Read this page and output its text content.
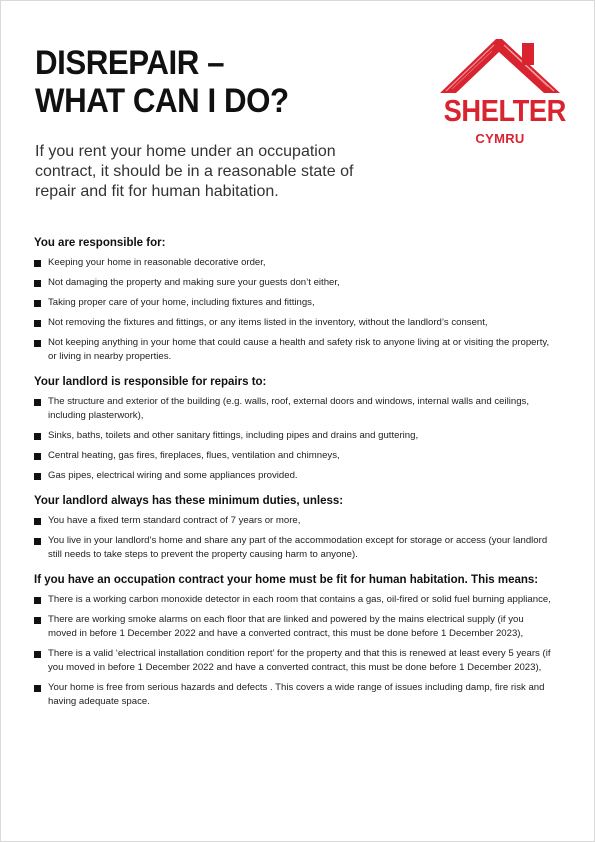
DISREPAIR –
WHAT CAN I DO?	SHELTER
CYMRU

If you rent your home under an occupation contract, it should be in a reasonable state of repair and fit for human habitation.

You are responsible for:
Keeping your home in reasonable decorative order,
Not damaging the property and making sure your guests don’t either,
Taking proper care of your home, including fixtures and fittings,
Not removing the fixtures and fittings, or any items listed in the inventory, without the landlord’s consent,
Not keeping anything in your home that could cause a health and safety risk to anyone living at or visiting the property, or living in nearby properties.
Your landlord is responsible for repairs to:
The structure and exterior of the building (e.g. walls, roof, external doors and windows, internal walls and ceilings, including plasterwork),
Sinks, baths, toilets and other sanitary fittings, including pipes and drains and guttering,
Central heating, gas fires, fireplaces, flues, ventilation and chimneys,
Gas pipes, electrical wiring and some appliances provided.
Your landlord always has these minimum duties, unless:
You have a fixed term standard contract of 7 years or more,
You live in your landlord’s home and share any part of the accommodation except for storage or access (your landlord still needs to take steps to prevent the property causing harm to anyone).
If you have an occupation contract your home must be fit for human habitation. This means:
There is a working carbon monoxide detector in each room that contains a gas, oil-fired or solid fuel burning appliance,
There are working smoke alarms on each floor that are linked and powered by the mains electrical supply (if you moved in before 1 December 2022 and have a converted contract, this must be done before 1 December 2023),
There is a valid ‘electrical installation condition report’ for the property and that this is renewed at least every 5 years (if you moved in before 1 December 2022 and have a converted contract, this must be done before 1 December 2023),
Your home is free from serious hazards and defects . This covers a wide range of issues including damp, fire risk and having adequate space.
